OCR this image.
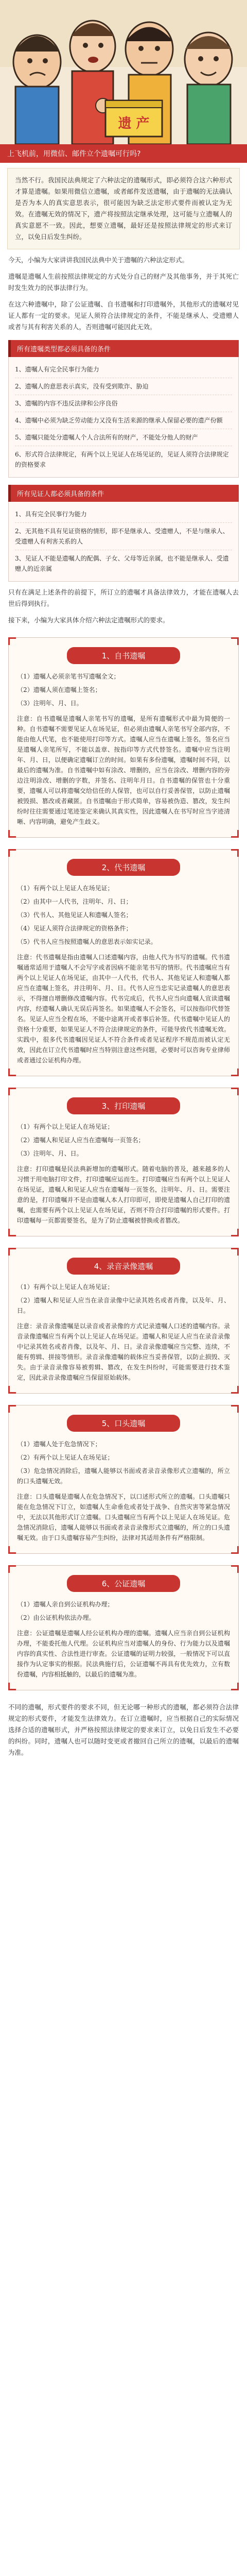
遗 产
上飞机前，用微信、邮件立个遗嘱可行吗?
当然不行。我国民法典规定了六种法定的遗嘱形式，即必须符合这六种形式才算是遗嘱。如果用微信立遗嘱，或者邮件发送遗嘱，由于遗嘱的无法确认是否为本人的真实意思表示，很可能因为缺乏法定形式要件而被认定为无效。在遗嘱无效的情况下，遗产将按照法定继承处理，这可能与立遗嘱人的真实意愿不一致。因此，想要立遗嘱，最好还是按照法律规定的形式来订立，以免日后发生纠纷。
今天，小编为大家讲讲我国民法典中关于遗嘱的六种法定形式。
遗嘱是遗嘱人生前按照法律规定的方式处分自己的财产及其他事务，并于其死亡时发生效力的民事法律行为。
在这六种遗嘱中，除了公证遗嘱、自书遗嘱和打印遗嘱外，其他形式的遗嘱对见证人都有一定的要求。见证人须符合法律规定的条件，不能是继承人、受遗赠人或者与其有利害关系的人，否则遗嘱可能因此无效。
所有遗嘱类型都必须具备的条件
1、遗嘱人有完全民事行为能力
2、遗嘱人的意思表示真实，没有受到欺诈、胁迫
3、遗嘱的内容不违反法律和公序良俗
4、遗嘱中必须为缺乏劳动能力又没有生活来源的继承人保留必要的遗产份额
5、遗嘱只能处分遗嘱人个人合法所有的财产，不能处分他人的财产
6、形式符合法律规定，有两个以上见证人在场见证的，见证人须符合法律规定的资格要求
所有见证人都必须具备的条件
1、具有完全民事行为能力
2、无其他不具有见证资格的情形，即不是继承人、受遗赠人，不是与继承人、受遗赠人有利害关系的人
3、见证人不能是遗嘱人的配偶、子女、父母等近亲属，也不能是继承人、受遗赠人的近亲属
只有在满足上述条件的前提下，所订立的遗嘱才具备法律效力，才能在遗嘱人去世后得到执行。
接下来，小编为大家具体介绍六种法定遗嘱形式的要求。
1、自书遗嘱

（1）遗嘱人必须亲笔书写遗嘱全文；

（2）遗嘱人须在遗嘱上签名；

（3）注明年、月、日。

注意：自书遗嘱是遗嘱人亲笔书写的遗嘱，是所有遗嘱形式中最为简便的一种。自书遗嘱不需要见证人在场见证，但必须由遗嘱人亲笔书写全部内容，不能由他人代笔，也不能使用打印等方式。遗嘱人应当在遗嘱上签名，签名应当是遗嘱人亲笔所写，不能以盖章、按指印等方式代替签名。遗嘱中应当注明年、月、日，以便确定遗嘱订立的时间。如果有多份遗嘱，遗嘱时间不同，以最后的遗嘱为准。自书遗嘱中如有涂改、增删的，应当在涂改、增删内容的旁边注明涂改、增删的字数，并签名、注明年月日。自书遗嘱的保管也十分重要，遗嘱人可以将遗嘱交给信任的人保管，也可以自行妥善保管，以防止遗嘱被毁损、篡改或者藏匿。自书遗嘱由于形式简单，容易被伪造、篡改，发生纠纷时往往需要通过笔迹鉴定来确认其真实性，因此遗嘱人在书写时应当字迹清晰、内容明确，避免产生歧义。

2、代书遗嘱

（1）有两个以上见证人在场见证；

（2）由其中一人代书，注明年、月、日；

（3）代书人、其他见证人和遗嘱人签名；

（4）见证人须符合法律规定的资格条件；

（5）代书人应当按照遗嘱人的意思表示如实记录。

注意：代书遗嘱是指由遗嘱人口述遗嘱内容，由他人代为书写的遗嘱。代书遗嘱通常适用于遗嘱人不会写字或者因病不能亲笔书写的情形。代书遗嘱应当有两个以上见证人在场见证，由其中一人代书，代书人、其他见证人和遗嘱人都应当在遗嘱上签名，并注明年、月、日。代书人应当忠实记录遗嘱人的意思表示，不得擅自增删修改遗嘱内容。代书完成后，代书人应当向遗嘱人宣读遗嘱内容，经遗嘱人确认无误后再签名。如果遗嘱人不会签名，可以按指印代替签名。见证人应当全程在场，不能中途离开或者事后补签。代书遗嘱中见证人的资格十分重要，如果见证人不符合法律规定的条件，可能导致代书遗嘱无效。实践中，很多代书遗嘱因见证人不符合条件或者见证程序不规范而被认定无效，因此在订立代书遗嘱时应当特别注意这些问题，必要时可以咨询专业律师或者通过公证机构办理。

3、打印遗嘱

（1）有两个以上见证人在场见证；

（2）遗嘱人和见证人应当在遗嘱每一页签名；

（3）注明年、月、日。

注意：打印遗嘱是民法典新增加的遗嘱形式。随着电脑的普及，越来越多的人习惯于用电脑打印文件，打印遗嘱应运而生。打印遗嘱应当有两个以上见证人在场见证，遗嘱人和见证人应当在遗嘱每一页签名，注明年、月、日。需要注意的是，打印遗嘱并不是由遗嘱人本人打印即可，即使是遗嘱人自己打印的遗嘱，也需要有两个以上见证人在场见证，否则不符合打印遗嘱的形式要件。打印遗嘱每一页都需要签名，是为了防止遗嘱被替换或者篡改。

4、录音录像遗嘱

（1）有两个以上见证人在场见证；

（2）遗嘱人和见证人应当在录音录像中记录其姓名或者肖像，以及年、月、日。

注意：录音录像遗嘱是以录音或者录像的方式记录遗嘱人口述的遗嘱内容。录音录像遗嘱应当有两个以上见证人在场见证。遗嘱人和见证人应当在录音录像中记录其姓名或者肖像，以及年、月、日。录音录像遗嘱应当完整、连续，不能有剪辑、拼接等情形。录音录像遗嘱的载体应当妥善保管，以防止损毁、灭失。由于录音录像容易被剪辑、篡改，在发生纠纷时，可能需要进行技术鉴定，因此录音录像遗嘱应当保留原始载体。

5、口头遗嘱

（1）遗嘱人处于危急情况下；

（2）有两个以上见证人在场见证；

（3）危急情况消除后，遗嘱人能够以书面或者录音录像形式立遗嘱的，所立的口头遗嘱无效。

注意：口头遗嘱是遗嘱人在危急情况下，以口述形式所立的遗嘱。口头遗嘱只能在危急情况下订立，如遗嘱人生命垂危或者处于战争、自然灾害等紧急情况中，无法以其他形式订立遗嘱。口头遗嘱应当有两个以上见证人在场见证。危急情况消除后，遗嘱人能够以书面或者录音录像形式立遗嘱的，所立的口头遗嘱无效。由于口头遗嘱容易产生纠纷，法律对其适用条件有严格限制。

6、公证遗嘱

（1）遗嘱人亲自到公证机构办理；

（2）由公证机构依法办理。

注意：公证遗嘱是遗嘱人经公证机构办理的遗嘱。遗嘱人应当亲自到公证机构办理，不能委托他人代理。公证机构应当对遗嘱人的身份、行为能力以及遗嘱内容的真实性、合法性进行审查。公证遗嘱的证明力较强，一般情况下可以直接作为认定事实的根据。民法典施行后，公证遗嘱不再具有优先效力，立有数份遗嘱，内容相抵触的，以最后的遗嘱为准。

不同的遗嘱，形式要件的要求不同，但无论哪一种形式的遗嘱，都必须符合法律规定的形式要件，才能发生法律效力。在订立遗嘱时，应当根据自己的实际情况选择合适的遗嘱形式，并严格按照法律规定的要求来订立，以免日后发生不必要的纠纷。同时，遗嘱人也可以随时变更或者撤回自己所立的遗嘱，以最后的遗嘱为准。
